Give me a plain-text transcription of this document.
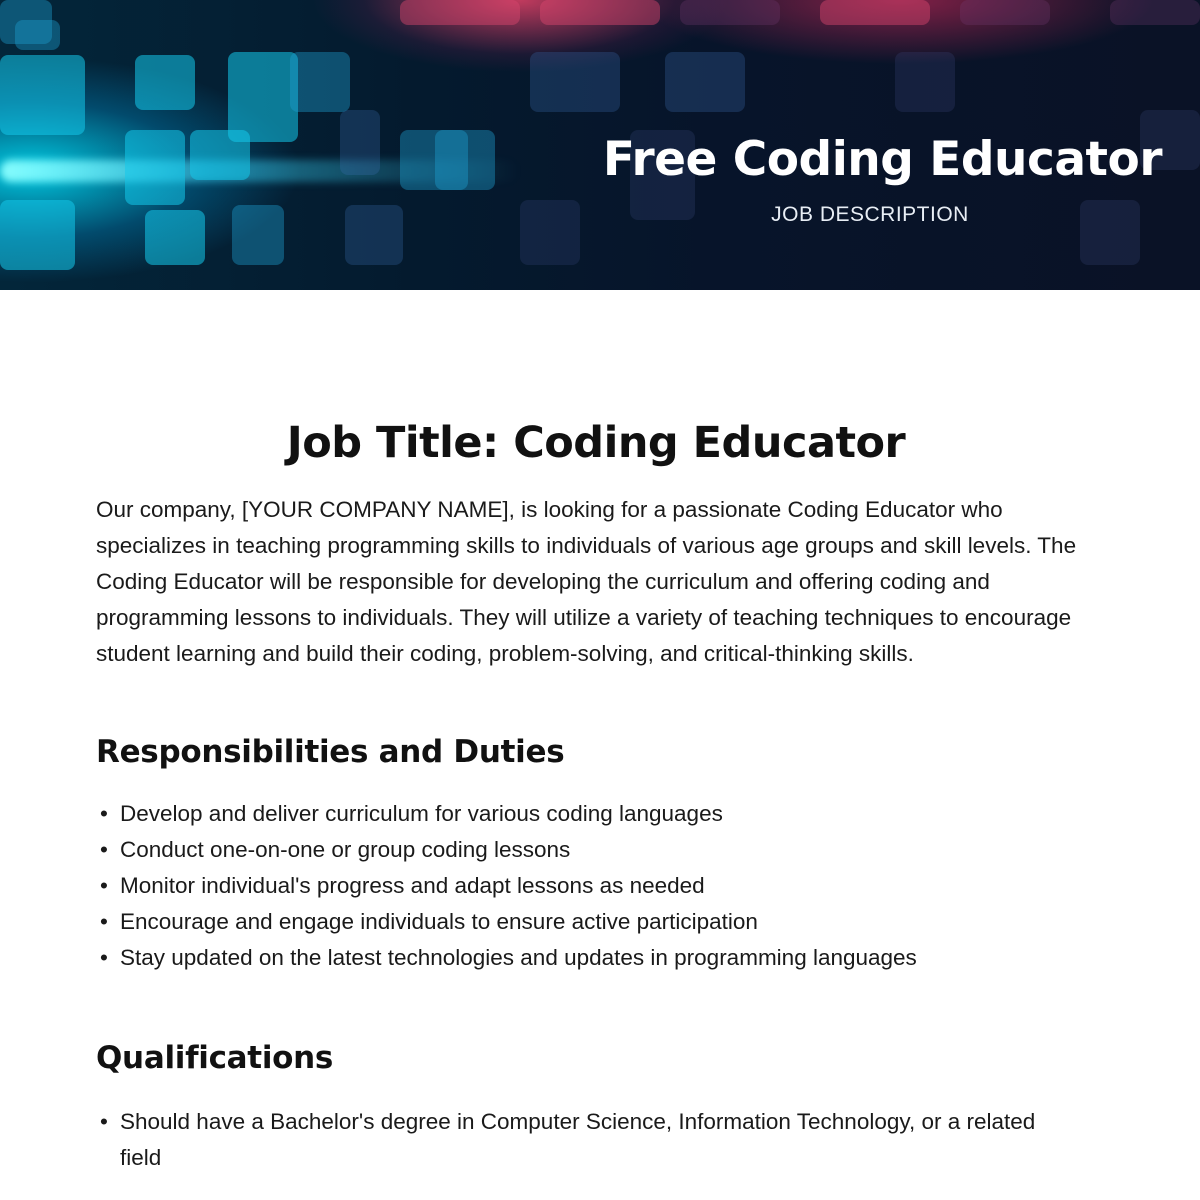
Free Coding Educator
JOB DESCRIPTION
Job Title: Coding Educator

Our company, [YOUR COMPANY NAME], is looking for a passionate Coding Educator who specializes in teaching programming skills to individuals of various age groups and skill levels. The Coding Educator will be responsible for developing the curriculum and offering coding and programming lessons to individuals. They will utilize a variety of teaching techniques to encourage student learning and build their coding, problem-solving, and critical-thinking skills.

Responsibilities and Duties
• Develop and deliver curriculum for various coding languages
• Conduct one-on-one or group coding lessons
• Monitor individual's progress and adapt lessons as needed
• Encourage and engage individuals to ensure active participation
• Stay updated on the latest technologies and updates in programming languages
Qualifications
• Should have a Bachelor's degree in Computer Science, Information Technology, or a related field
